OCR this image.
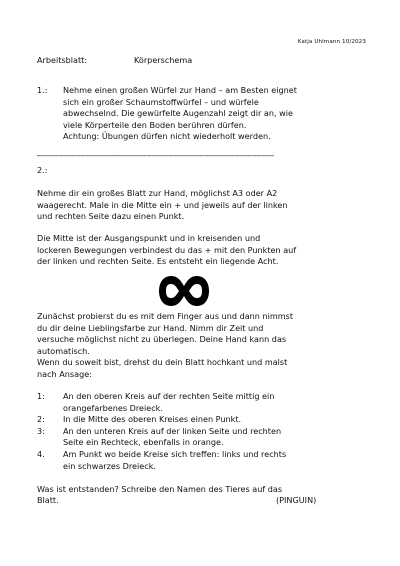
Katja Uhlmann 10/2023
Arbeitsblatt:	Körperschema
1.: Nehme einen großen Würfel zur Hand – am Besten eignet
sich ein großer Schaumstoffwürfel – und würfele
abwechselnd. Die gewürfelte Augenzahl zeigt dir an, wie
viele Körperteile den Boden berühren dürfen.
Achtung: Übungen dürfen nicht wiederholt werden.
______________________________________________________
2.:
Nehme dir ein großes Blatt zur Hand, möglichst A3 oder A2
waagerecht. Male in die Mitte ein + und jeweils auf der linken
und rechten Seite dazu einen Punkt.
Die Mitte ist der Ausgangspunkt und in kreisenden und
lockeren Bewegungen verbindest du das + mit den Punkten auf
der linken und rechten Seite. Es entsteht ein liegende Acht.
Zunächst probierst du es mit dem Finger aus und dann nimmst
du dir deine Lieblingsfarbe zur Hand. Nimm dir Zeit und
versuche möglichst nicht zu überlegen. Deine Hand kann das
automatisch.
Wenn du soweit bist, drehst du dein Blatt hochkant und malst
nach Ansage:
1: An den oberen Kreis auf der rechten Seite mittig ein
orangefarbenes Dreieck.
2: In die Mitte des oberen Kreises einen Punkt.
3: An den unteren Kreis auf der linken Seite und rechten
Seite ein Rechteck, ebenfalls in orange.
4. Am Punkt wo beide Kreise sich treffen: links und rechts
ein schwarzes Dreieck.
Was ist entstanden? Schreibe den Namen des Tieres auf das
Blatt.	(PINGUIN)
